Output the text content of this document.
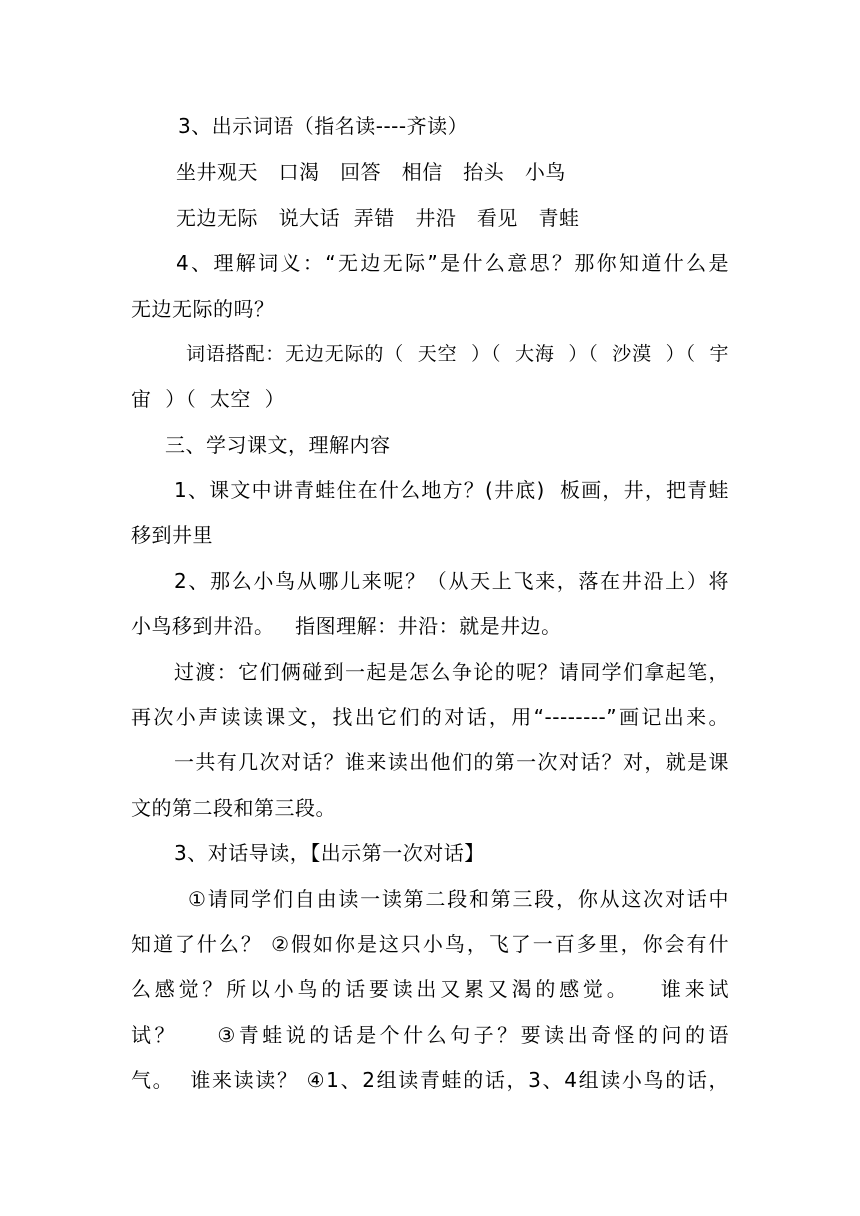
3、出示词语（指名读----齐读）
坐井观天   口渴   回答   相信   抬头   小鸟
无边无际   说大话  弄错   井沿   看见   青蛙
4、理解词义：“无边无际”是什么意思？那你知道什么是
无边无际的吗？
词语搭配：无边无际的（  天空  ）（  大海  ）（  沙漠  ）（  宇
宙  ）（  太空  ）
三、学习课文，理解内容
1、课文中讲青蛙住在什么地方？(井底)  板画，井，把青蛙
移到井里
2、那么小鸟从哪儿来呢？（从天上飞来，落在井沿上）将
小鸟移到井沿。   指图理解：井沿：就是井边。
过渡：它们俩碰到一起是怎么争论的呢？请同学们拿起笔，
再次小声读读课文，找出它们的对话，用“--------”画记出来。
一共有几次对话？谁来读出他们的第一次对话？对，就是课
文的第二段和第三段。
3、对话导读，【出示第一次对话】
①请同学们自由读一读第二段和第三段，你从这次对话中
知道了什么？ ②假如你是这只小鸟，飞了一百多里，你会有什
么感觉？所以小鸟的话要读出又累又渴的感觉。   谁来试
试？    ③青蛙说的话是个什么句子？要读出奇怪的问的语
气。  谁来读读？ ④1、2组读青蛙的话，3、4组读小鸟的话，
